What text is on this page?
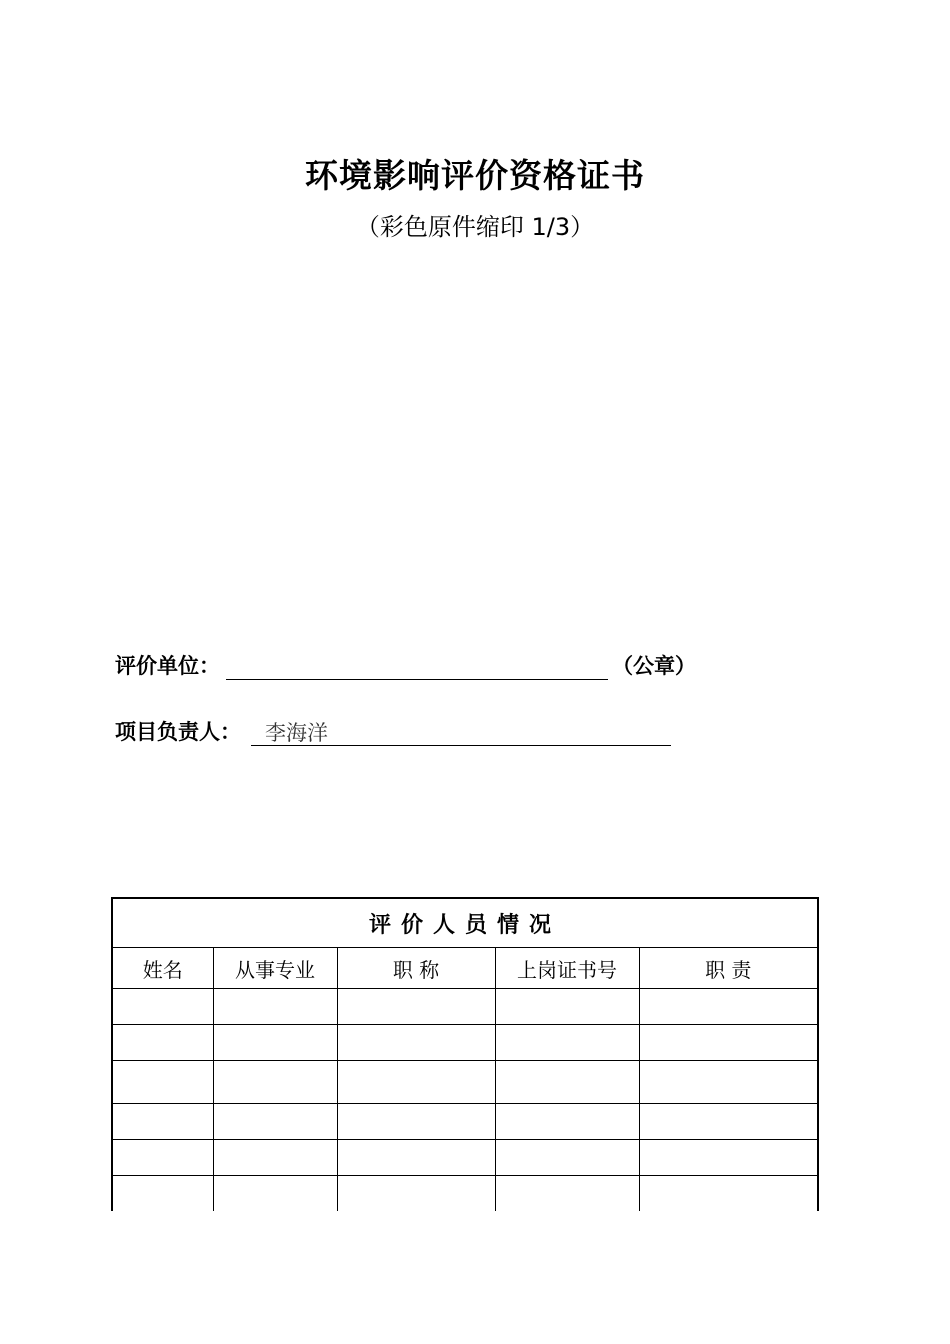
环境影响评价资格证书
（彩色原件缩印 1/3）
评价单位：	（公章）
项目负责人：	李海洋
评价人员情况				
姓名	从事专业	职 称	上岗证书号	职 责
